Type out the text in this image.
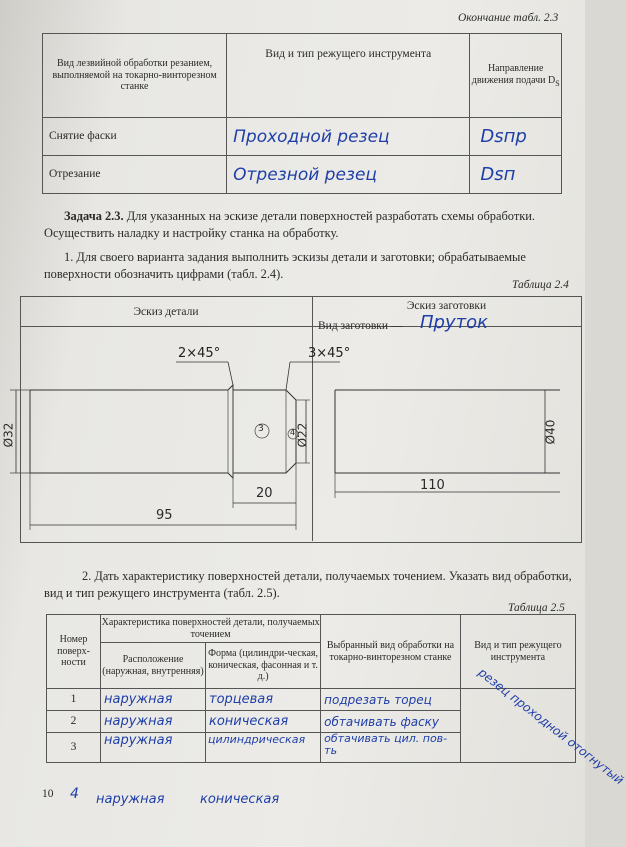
Окончание табл. 2.3
Вид лезвийной обработки резанием, выполняемой на токарно-винторезном станке	Вид и тип режущего инструмента	Направление движения подачи $D_S$
Снятие фаски	Проходной резец	Dsпр
Отрезание	Отрезной резец	Dsп
Задача 2.3. Для указанных на эскизе детали поверхностей разработать схемы обработки. Осуществить наладку и настройку станка на обработку.
1. Для своего варианта задания выполнить эскизы детали и заготовки; обрабатываемые поверхности обозначить цифрами (табл. 2.4).
Таблица 2.4
Эскиз детали	Эскиз заготовки
Вид заготовки — Пруток
2×45°	3×45°
Ø32	Ø22
20
95
3	4
110
Ø40
2. Дать характеристику поверхностей детали, получаемых точением. Указать вид обработки, вид и тип режущего инструмента (табл. 2.5).
Таблица 2.5
Номер поверх-ности	Характеристика поверхностей детали, получаемых точением		Выбранный вид обработки на токарно-винторезном станке	Вид и тип режущего инструмента
	Расположение (наружная, внутренняя)	Форма (цилиндри-ческая, коническая, фасонная и т. д.)		
1	наружная	торцевая	подрезать торец	резец проходной отогнутый

2	наружная	коническая	обтачивать фаску	
3	наружная	цилиндрическая	обтачивать цил. пов-ть	
10 4 наружная	коническая
